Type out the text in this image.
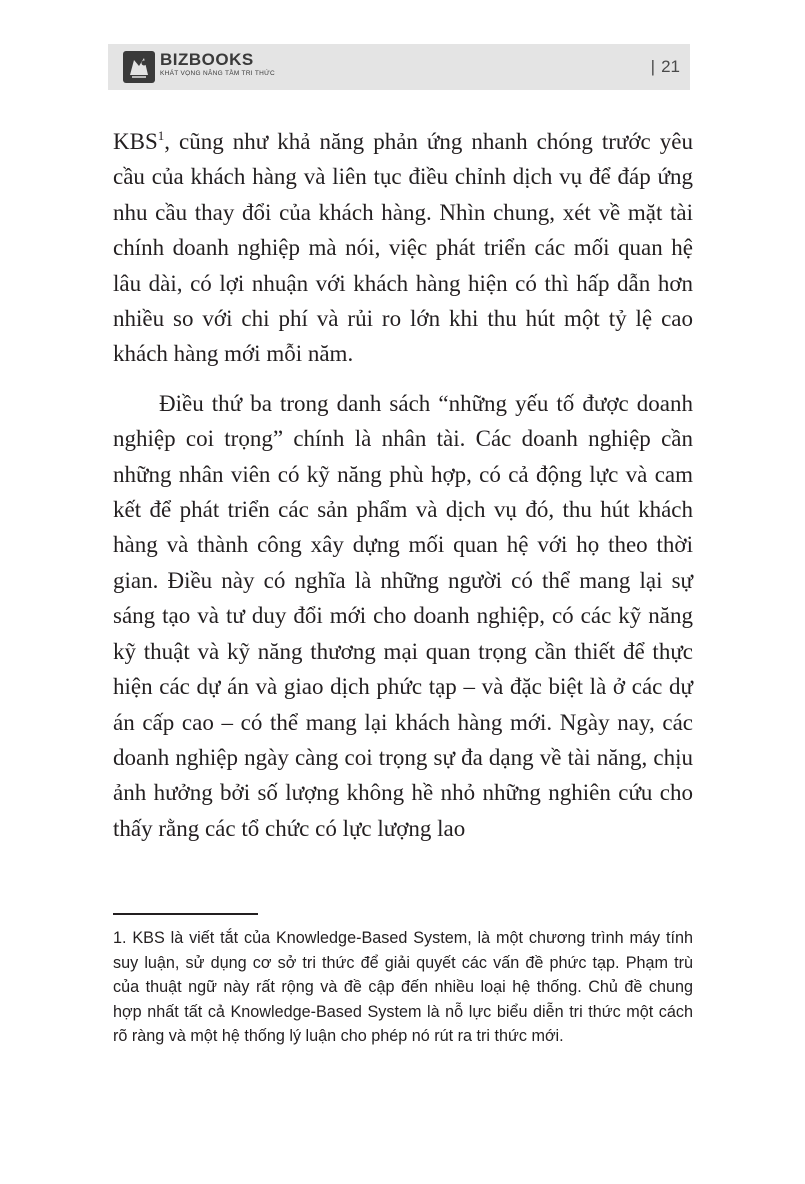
BIZBOOKS
KHÁT VỌNG NÂNG TẦM TRI THỨC	| 21

KBS$^1$, cũng như khả năng phản ứng nhanh chóng trước yêu cầu của khách hàng và liên tục điều chỉnh dịch vụ để đáp ứng nhu cầu thay đổi của khách hàng. Nhìn chung, xét về mặt tài chính doanh nghiệp mà nói, việc phát triển các mối quan hệ lâu dài, có lợi nhuận với khách hàng hiện có thì hấp dẫn hơn nhiều so với chi phí và rủi ro lớn khi thu hút một tỷ lệ cao khách hàng mới mỗi năm.

Điều thứ ba trong danh sách “những yếu tố được doanh nghiệp coi trọng” chính là nhân tài. Các doanh nghiệp cần những nhân viên có kỹ năng phù hợp, có cả động lực và cam kết để phát triển các sản phẩm và dịch vụ đó, thu hút khách hàng và thành công xây dựng mối quan hệ với họ theo thời gian. Điều này có nghĩa là những người có thể mang lại sự sáng tạo và tư duy đổi mới cho doanh nghiệp, có các kỹ năng kỹ thuật và kỹ năng thương mại quan trọng cần thiết để thực hiện các dự án và giao dịch phức tạp – và đặc biệt là ở các dự án cấp cao – có thể mang lại khách hàng mới. Ngày nay, các doanh nghiệp ngày càng coi trọng sự đa dạng về tài năng, chịu ảnh hưởng bởi số lượng không hề nhỏ những nghiên cứu cho thấy rằng các tổ chức có lực lượng lao

1. KBS là viết tắt của Knowledge-Based System, là một chương trình máy tính suy luận, sử dụng cơ sở tri thức để giải quyết các vấn đề phức tạp. Phạm trù của thuật ngữ này rất rộng và đề cập đến nhiều loại hệ thống. Chủ đề chung hợp nhất tất cả Knowledge-Based System là nỗ lực biểu diễn tri thức một cách rõ ràng và một hệ thống lý luận cho phép nó rút ra tri thức mới.
